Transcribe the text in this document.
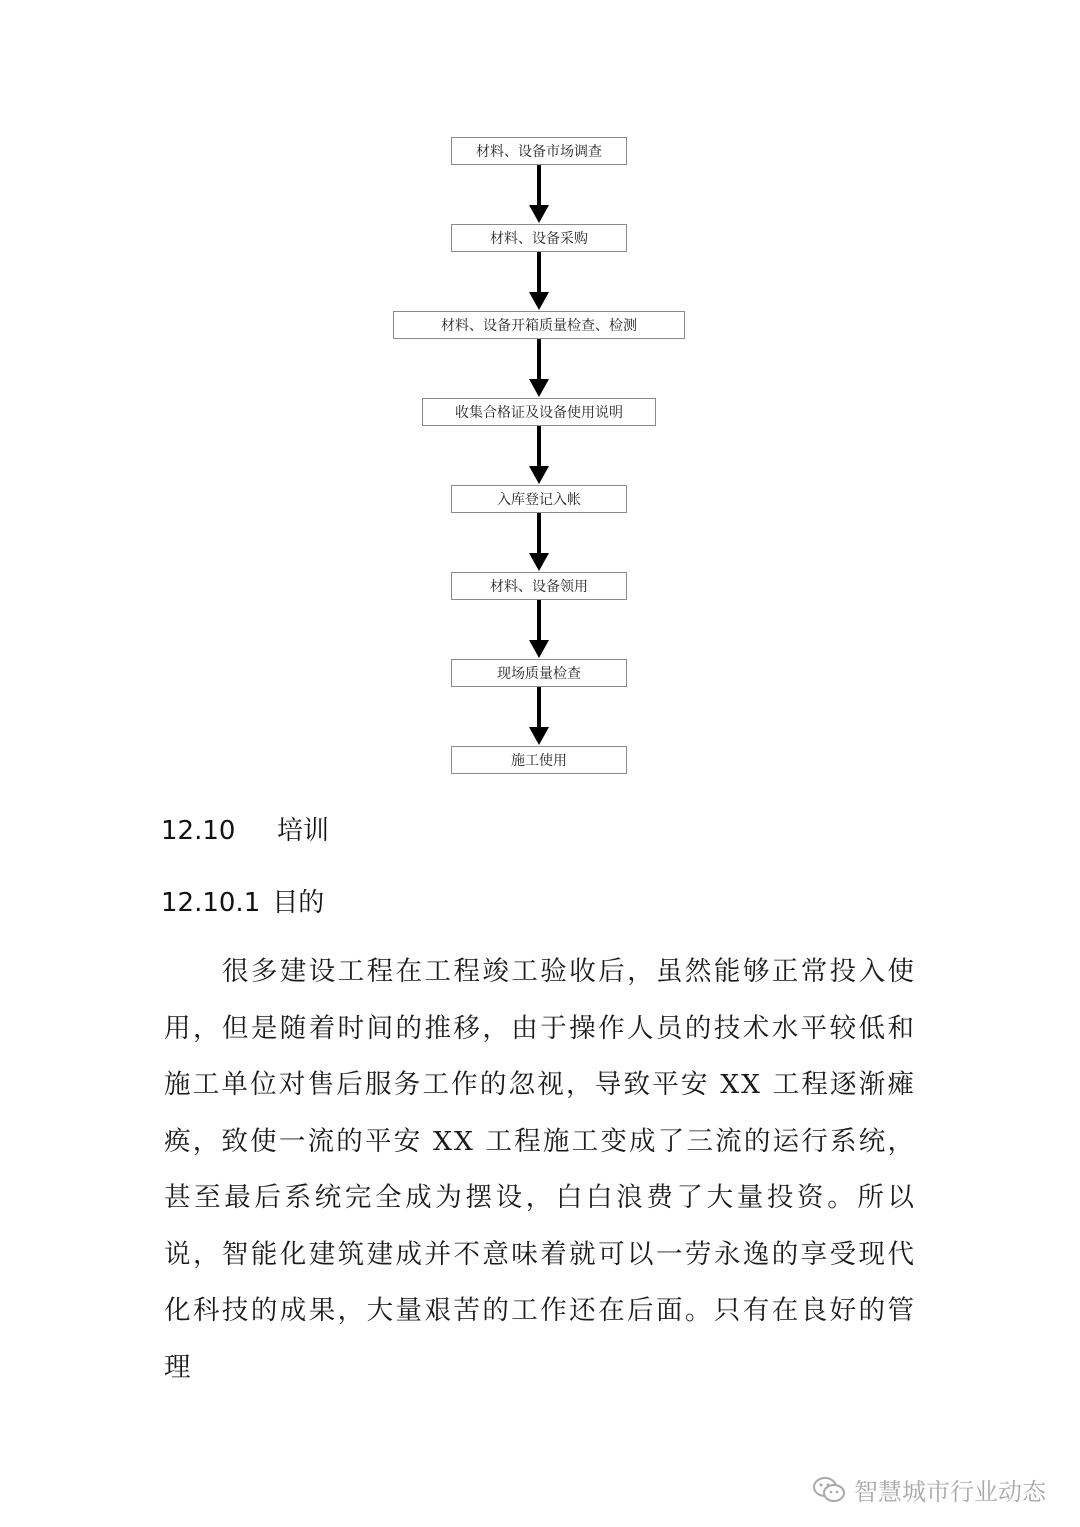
材料、设备市场调查
材料、设备采购
材料、设备开箱质量检查、检测
收集合格证及设备使用说明
入库登记入帐
材料、设备领用
现场质量检查
施工使用
12.10 培训
12.10.1 目的
很多建设工程在工程竣工验收后，虽然能够正常投入使用，但是随着时间的推移，由于操作人员的技术水平较低和施工单位对售后服务工作的忽视，导致平安 XX 工程逐渐瘫痪，致使一流的平安 XX 工程施工变成了三流的运行系统，甚至最后系统完全成为摆设，白白浪费了大量投资。所以说，智能化建筑建成并不意味着就可以一劳永逸的享受现代化科技的成果，大量艰苦的工作还在后面。只有在良好的管理
智慧城市行业动态
